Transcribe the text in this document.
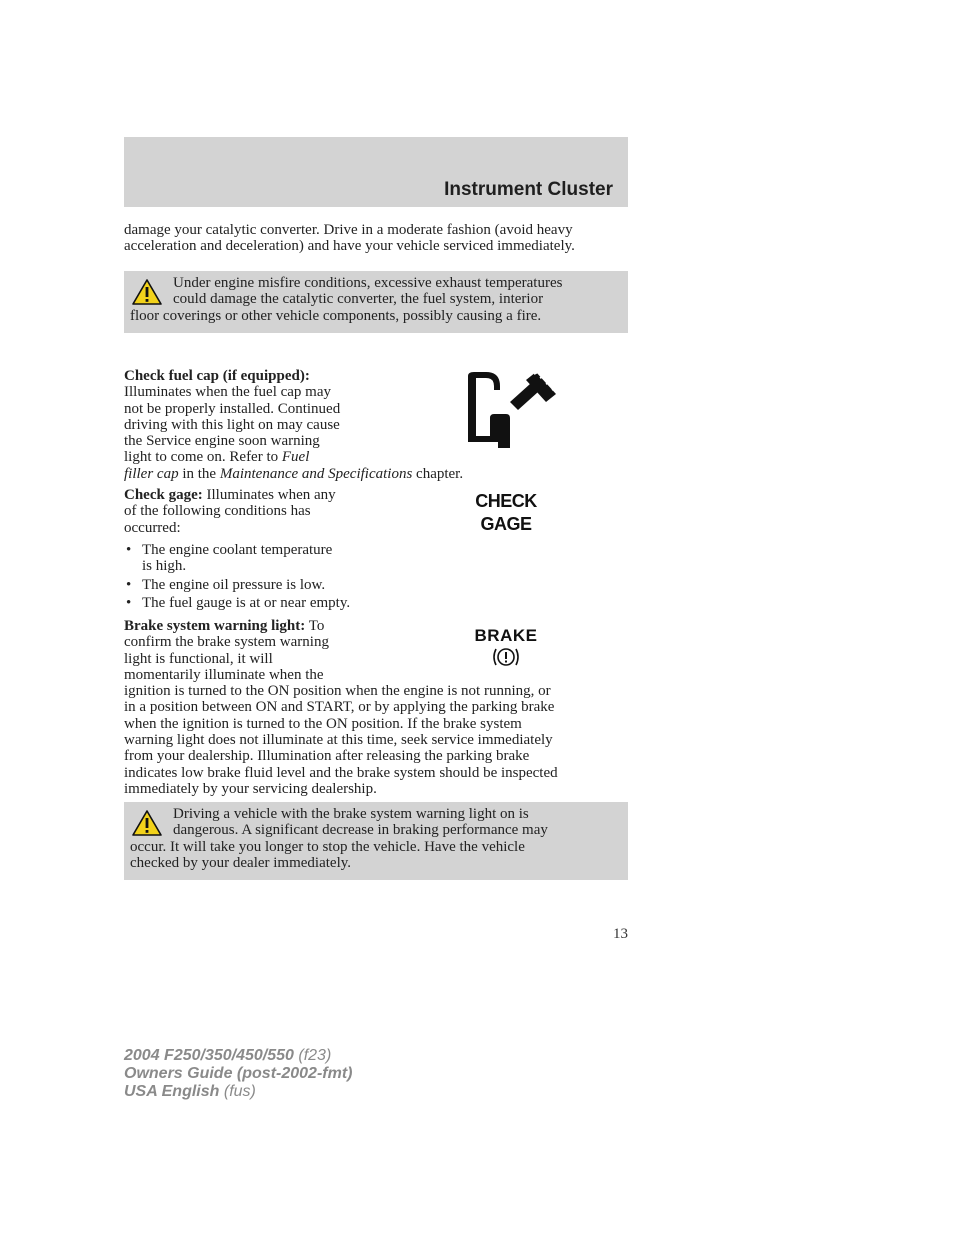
Instrument Cluster
damage your catalytic converter. Drive in a moderate fashion (avoid heavy acceleration and deceleration) and have your vehicle serviced immediately.
Under engine misfire conditions, excessive exhaust temperatures
could damage the catalytic converter, the fuel system, interior
floor coverings or other vehicle components, possibly causing a fire.
Check fuel cap (if equipped):
Illuminates when the fuel cap may
not be properly installed. Continued
driving with this light on may cause
the Service engine soon warning
light to come on. Refer to Fuel
filler cap in the Maintenance and Specifications chapter.
Check gage: Illuminates when any
of the following conditions has
occurred:
CHECK
GAGE
• The engine coolant temperature
is high.
• The engine oil pressure is low.
• The fuel gauge is at or near empty.
Brake system warning light: To
confirm the brake system warning
light is functional, it will
momentarily illuminate when the
ignition is turned to the ON position when the engine is not running, or
in a position between ON and START, or by applying the parking brake
when the ignition is turned to the ON position. If the brake system
warning light does not illuminate at this time, seek service immediately
from your dealership. Illumination after releasing the parking brake
indicates low brake fluid level and the brake system should be inspected
immediately by your servicing dealership.
BRAKE
Driving a vehicle with the brake system warning light on is
dangerous. A significant decrease in braking performance may
occur. It will take you longer to stop the vehicle. Have the vehicle
checked by your dealer immediately.
13
2004 F250/350/450/550 (f23)
Owners Guide (post-2002-fmt)
USA English (fus)
